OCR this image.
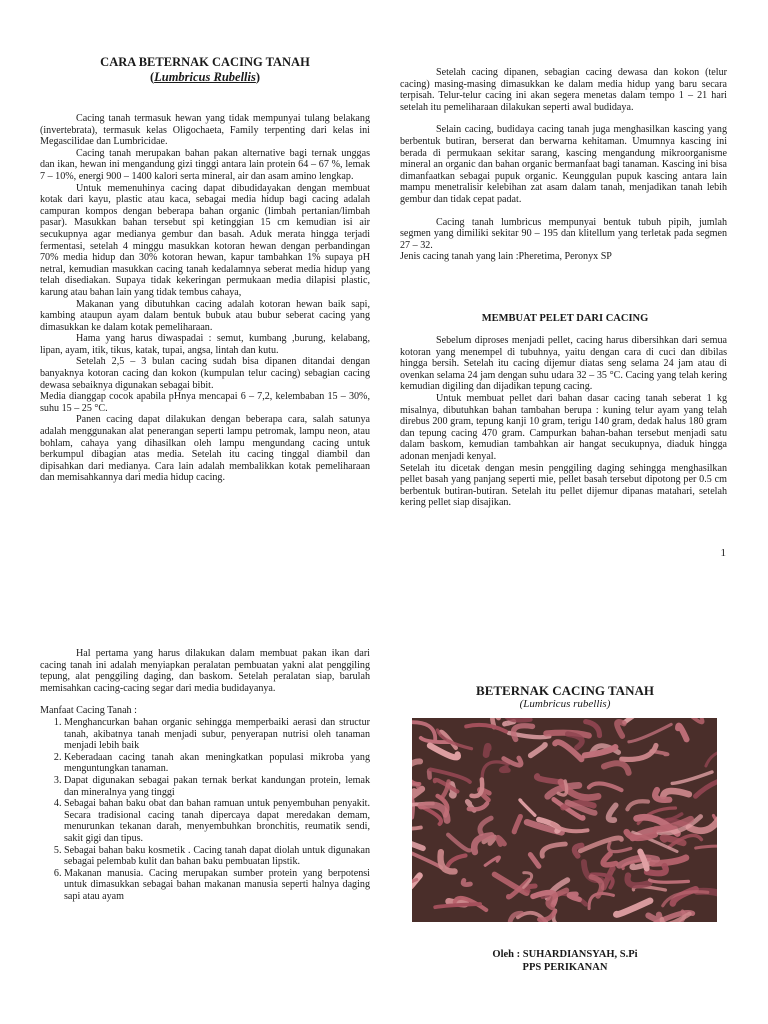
CARA BETERNAK CACING TANAH
(Lumbricus Rubellis)

Cacing tanah termasuk hewan yang tidak mempunyai tulang belakang (invertebrata), termasuk kelas Oligochaeta, Family terpenting dari kelas ini Megascilidae dan Lumbricidae.

Cacing tanah merupakan bahan pakan alternative bagi ternak unggas dan ikan, hewan ini mengandung gizi tinggi antara lain protein 64 – 67 %, lemak 7 – 10%, energi 900 – 1400 kalori serta mineral, air dan asam amino lengkap.

Untuk memenuhinya cacing dapat dibudidayakan dengan membuat kotak dari kayu, plastic atau kaca, sebagai media hidup bagi cacing adalah campuran kompos dengan beberapa bahan organic (limbah pertanian/limbah pasar). Masukkan bahan tersebut spi ketinggian 15 cm kemudian isi air secukupnya agar medianya gembur dan basah. Aduk merata hingga terjadi fermentasi, setelah 4 minggu masukkan kotoran hewan dengan perbandingan 70% media hidup dan 30% kotoran hewan, kapur tambahkan 1% supaya pH netral, kemudian masukkan cacing tanah kedalamnya seberat media hidup yang telah disediakan. Supaya tidak kekeringan permukaan media dilapisi plastic, karung atau bahan lain yang tidak tembus cahaya,

Makanan yang dibutuhkan cacing adalah kotoran hewan baik sapi, kambing ataupun ayam dalam bentuk bubuk atau bubur seberat cacing yang dimasukkan ke dalam kotak pemeliharaan.

Hama yang harus diwaspadai : semut, kumbang ,burung, kelabang, lipan, ayam, itik, tikus, katak, tupai, angsa, lintah dan kutu.

Setelah 2,5 – 3 bulan cacing sudah bisa dipanen ditandai dengan banyaknya kotoran cacing dan kokon (kumpulan telur cacing) sebagian cacing dewasa sebaiknya digunakan sebagai bibit.

Media dianggap cocok apabila pHnya mencapai 6 – 7,2, kelembaban 15 – 30%, suhu 15 – 25 °C.

Panen cacing dapat dilakukan dengan beberapa cara, salah satunya adalah menggunakan alat penerangan seperti lampu petromak, lampu neon, atau bohlam, cahaya yang dihasilkan oleh lampu mengundang cacing untuk berkumpul dibagian atas media. Setelah itu cacing tinggal diambil dan dipisahkan dari medianya. Cara lain adalah membalikkan kotak pemeliharaan dan memisahkannya dari media hidup cacing.

Setelah cacing dipanen, sebagian cacing dewasa dan kokon (telur cacing) masing-masing dimasukkan ke dalam media hidup yang baru secara terpisah. Telur-telur cacing ini akan segera menetas dalam tempo 1 – 21 hari setelah itu pemeliharaan dilakukan seperti awal budidaya.

Selain cacing, budidaya cacing tanah juga menghasilkan kascing yang berbentuk butiran, berserat dan berwarna kehitaman. Umumnya kascing ini berada di permukaan sekitar sarang, kascing mengandung mikroorganisme mineral an organic dan bahan organic bermanfaat bagi tanaman. Kascing ini bisa dimanfaatkan sebagai pupuk organic. Keunggulan pupuk kascing antara lain mampu menetralisir kelebihan zat asam dalam tanah, menjadikan tanah lebih gembur dan tidak cepat padat.

Cacing tanah lumbricus mempunyai bentuk tubuh pipih, jumlah segmen yang dimiliki sekitar 90 – 195 dan klitellum yang terletak pada segmen 27 – 32.

Jenis cacing tanah yang lain :Pheretima, Peronyx SP

MEMBUAT PELET DARI CACING

Sebelum diproses menjadi pellet, cacing harus dibersihkan dari semua kotoran yang menempel di tubuhnya, yaitu dengan cara di cuci dan dibilas hingga bersih. Setelah itu cacing dijemur diatas seng selama 24 jam atau di ovenkan selama 24 jam dengan suhu udara 32 – 35 °C. Cacing yang telah kering kemudian digiling dan dijadikan tepung cacing.

Untuk membuat pellet dari bahan dasar cacing tanah seberat 1 kg misalnya, dibutuhkan bahan tambahan berupa : kuning telur ayam yang telah direbus 200 gram, tepung kanji 10 gram, terigu 140 gram, dedak halus 180 gram dan tepung cacing 470 gram. Campurkan bahan-bahan tersebut menjadi satu dalam baskom, kemudian tambahkan air hangat secukupnya, diaduk hingga adonan menjadi kenyal.

Setelah itu dicetak dengan mesin penggiling daging sehingga menghasilkan pellet basah yang panjang seperti mie, pellet basah tersebut dipotong per 0.5 cm berbentuk butiran-butiran. Setelah itu pellet dijemur dipanas matahari, setelah kering pellet siap disajikan.

1

Hal pertama yang harus dilakukan dalam membuat pakan ikan dari cacing tanah ini adalah menyiapkan peralatan pembuatan yakni alat penggiling tepung, alat penggiling daging, dan baskom. Setelah peralatan siap, barulah memisahkan cacing-cacing segar dari media budidayanya.

Manfaat Cacing Tanah :

1. Menghancurkan bahan organic sehingga memperbaiki aerasi dan structur tanah, akibatnya tanah menjadi subur, penyerapan nutrisi oleh tanaman menjadi lebih baik
2. Keberadaan cacing tanah akan meningkatkan populasi mikroba yang menguntungkan tanaman.
3. Dapat digunakan sebagai pakan ternak berkat kandungan protein, lemak dan mineralnya yang tinggi
4. Sebagai bahan baku obat dan bahan ramuan untuk penyembuhan penyakit. Secara tradisional cacing tanah dipercaya dapat meredakan demam, menurunkan tekanan darah, menyembuhkan bronchitis, reumatik sendi, sakit gigi dan tipus.
5. Sebagai bahan baku kosmetik . Cacing tanah dapat diolah untuk digunakan sebagai pelembab kulit dan bahan baku pembuatan lipstik.
6. Makanan manusia. Cacing merupakan sumber protein yang berpotensi untuk dimasukkan sebagai bahan makanan manusia seperti halnya daging sapi atau ayam
BETERNAK CACING TANAH
(Lumbricus rubellis)
Oleh : SUHARDIANSYAH, S.Pi
PPS PERIKANAN
